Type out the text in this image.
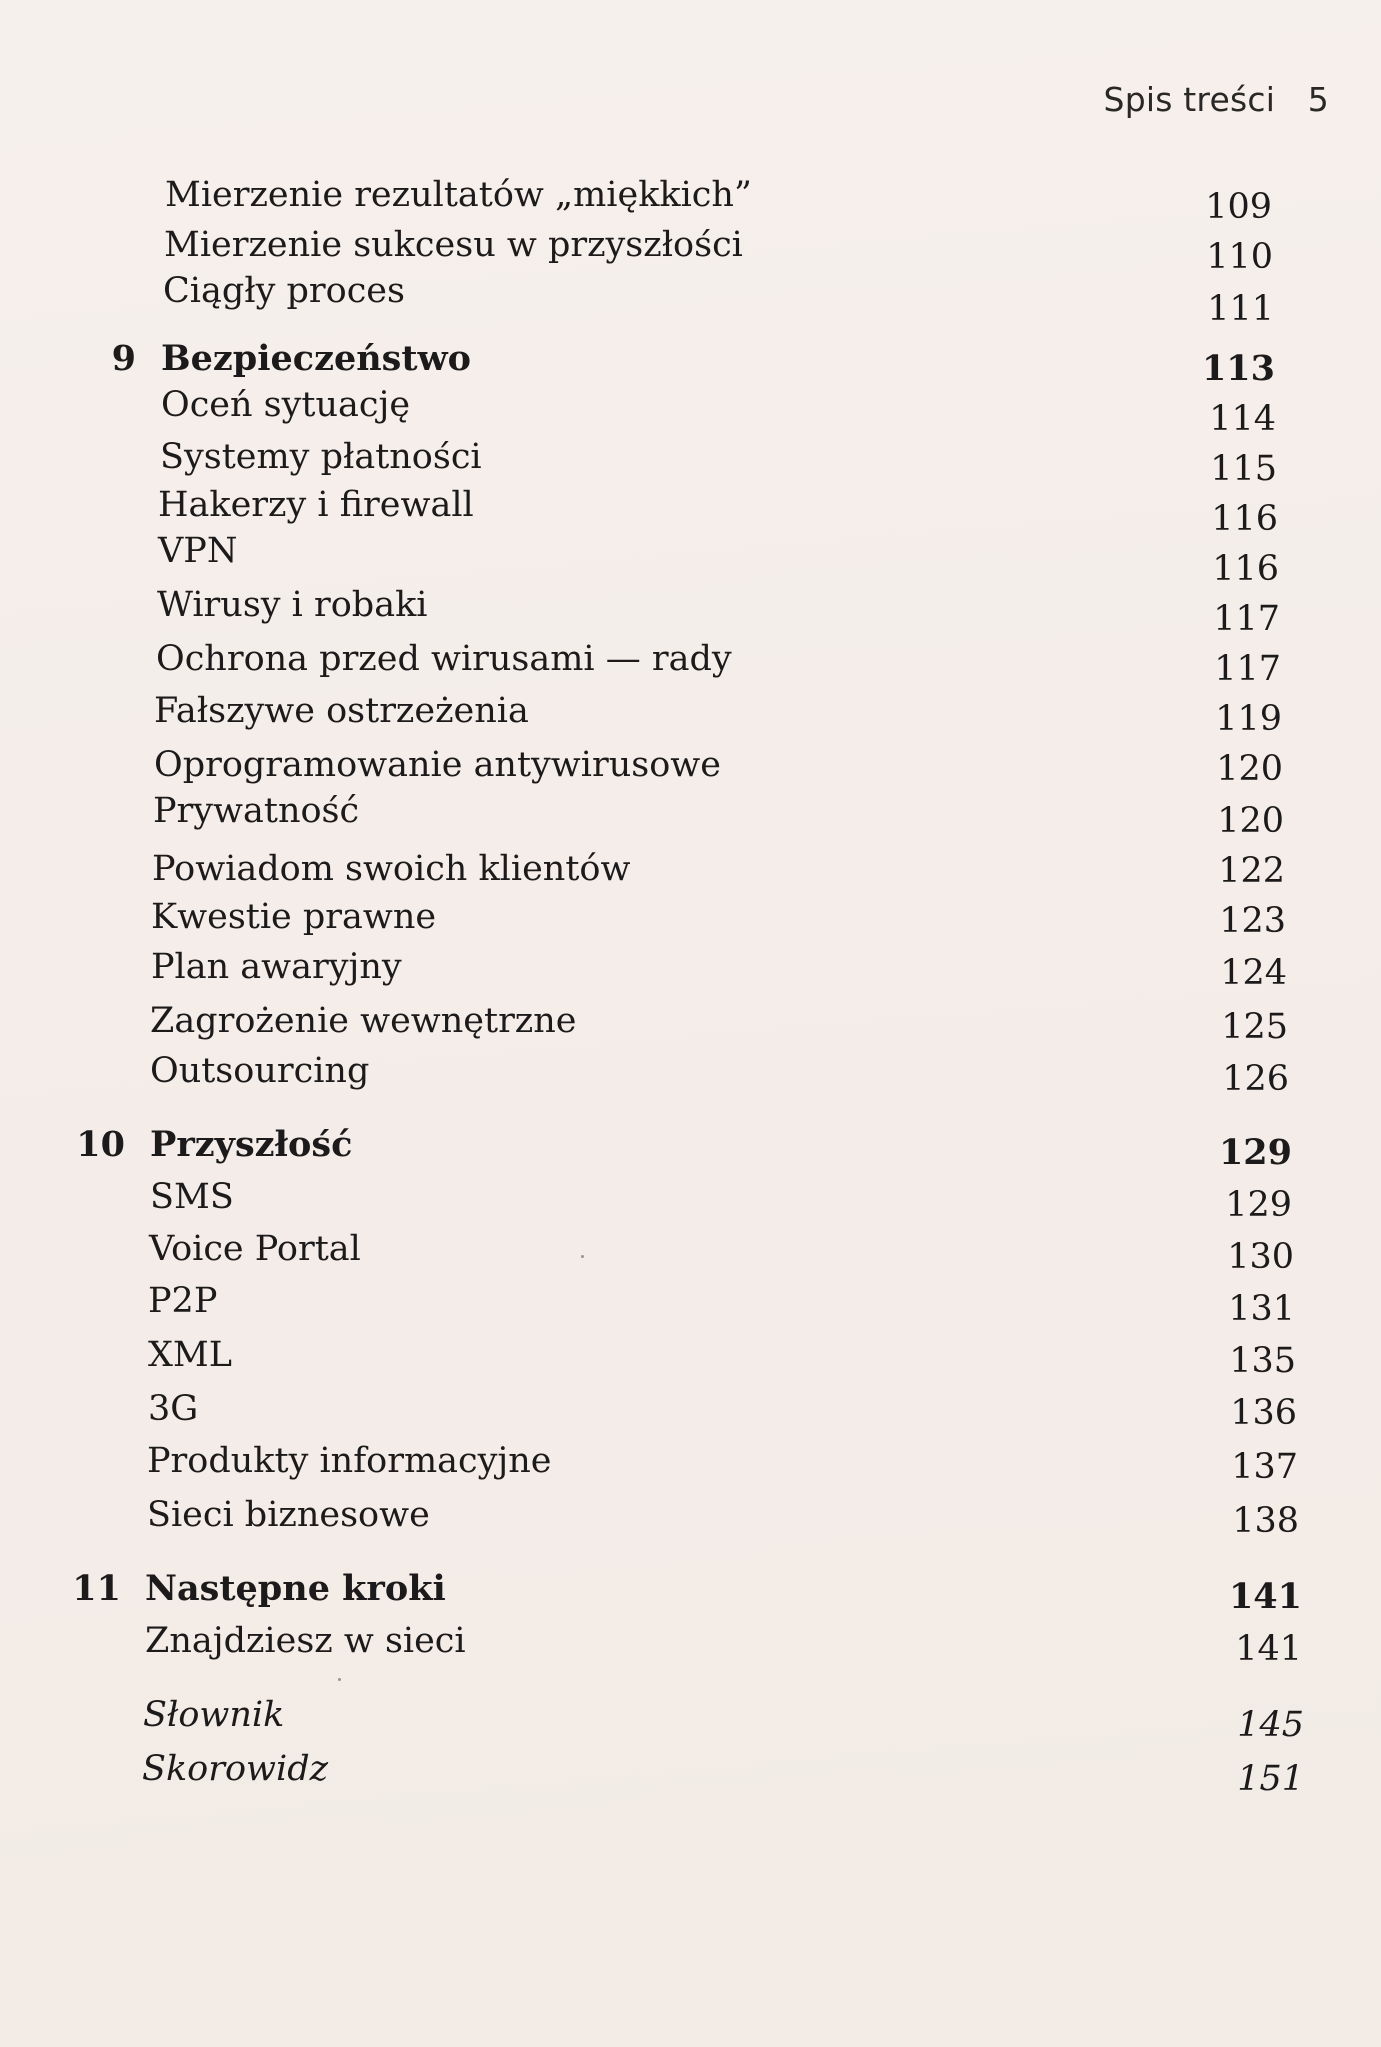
Spis treści 5
Mierzenie rezultatów „miękkich”	109
Mierzenie sukcesu w przyszłości	110
Ciągły proces	111
9 Bezpieczeństwo	113
Oceń sytuację	114
Systemy płatności	115
Hakerzy i firewall	116
VPN	116
Wirusy i robaki	117
Ochrona przed wirusami — rady	117
Fałszywe ostrzeżenia	119
Oprogramowanie antywirusowe	120
Prywatność	120
Powiadom swoich klientów	122
Kwestie prawne	123
Plan awaryjny	124
Zagrożenie wewnętrzne	125
Outsourcing	126
10 Przyszłość	129
SMS	129
Voice Portal	130
P2P	131
XML	135
3G	136
Produkty informacyjne	137
Sieci biznesowe	138
11 Następne kroki	141
Znajdziesz w sieci	141
Słownik	145
Skorowidz	151
